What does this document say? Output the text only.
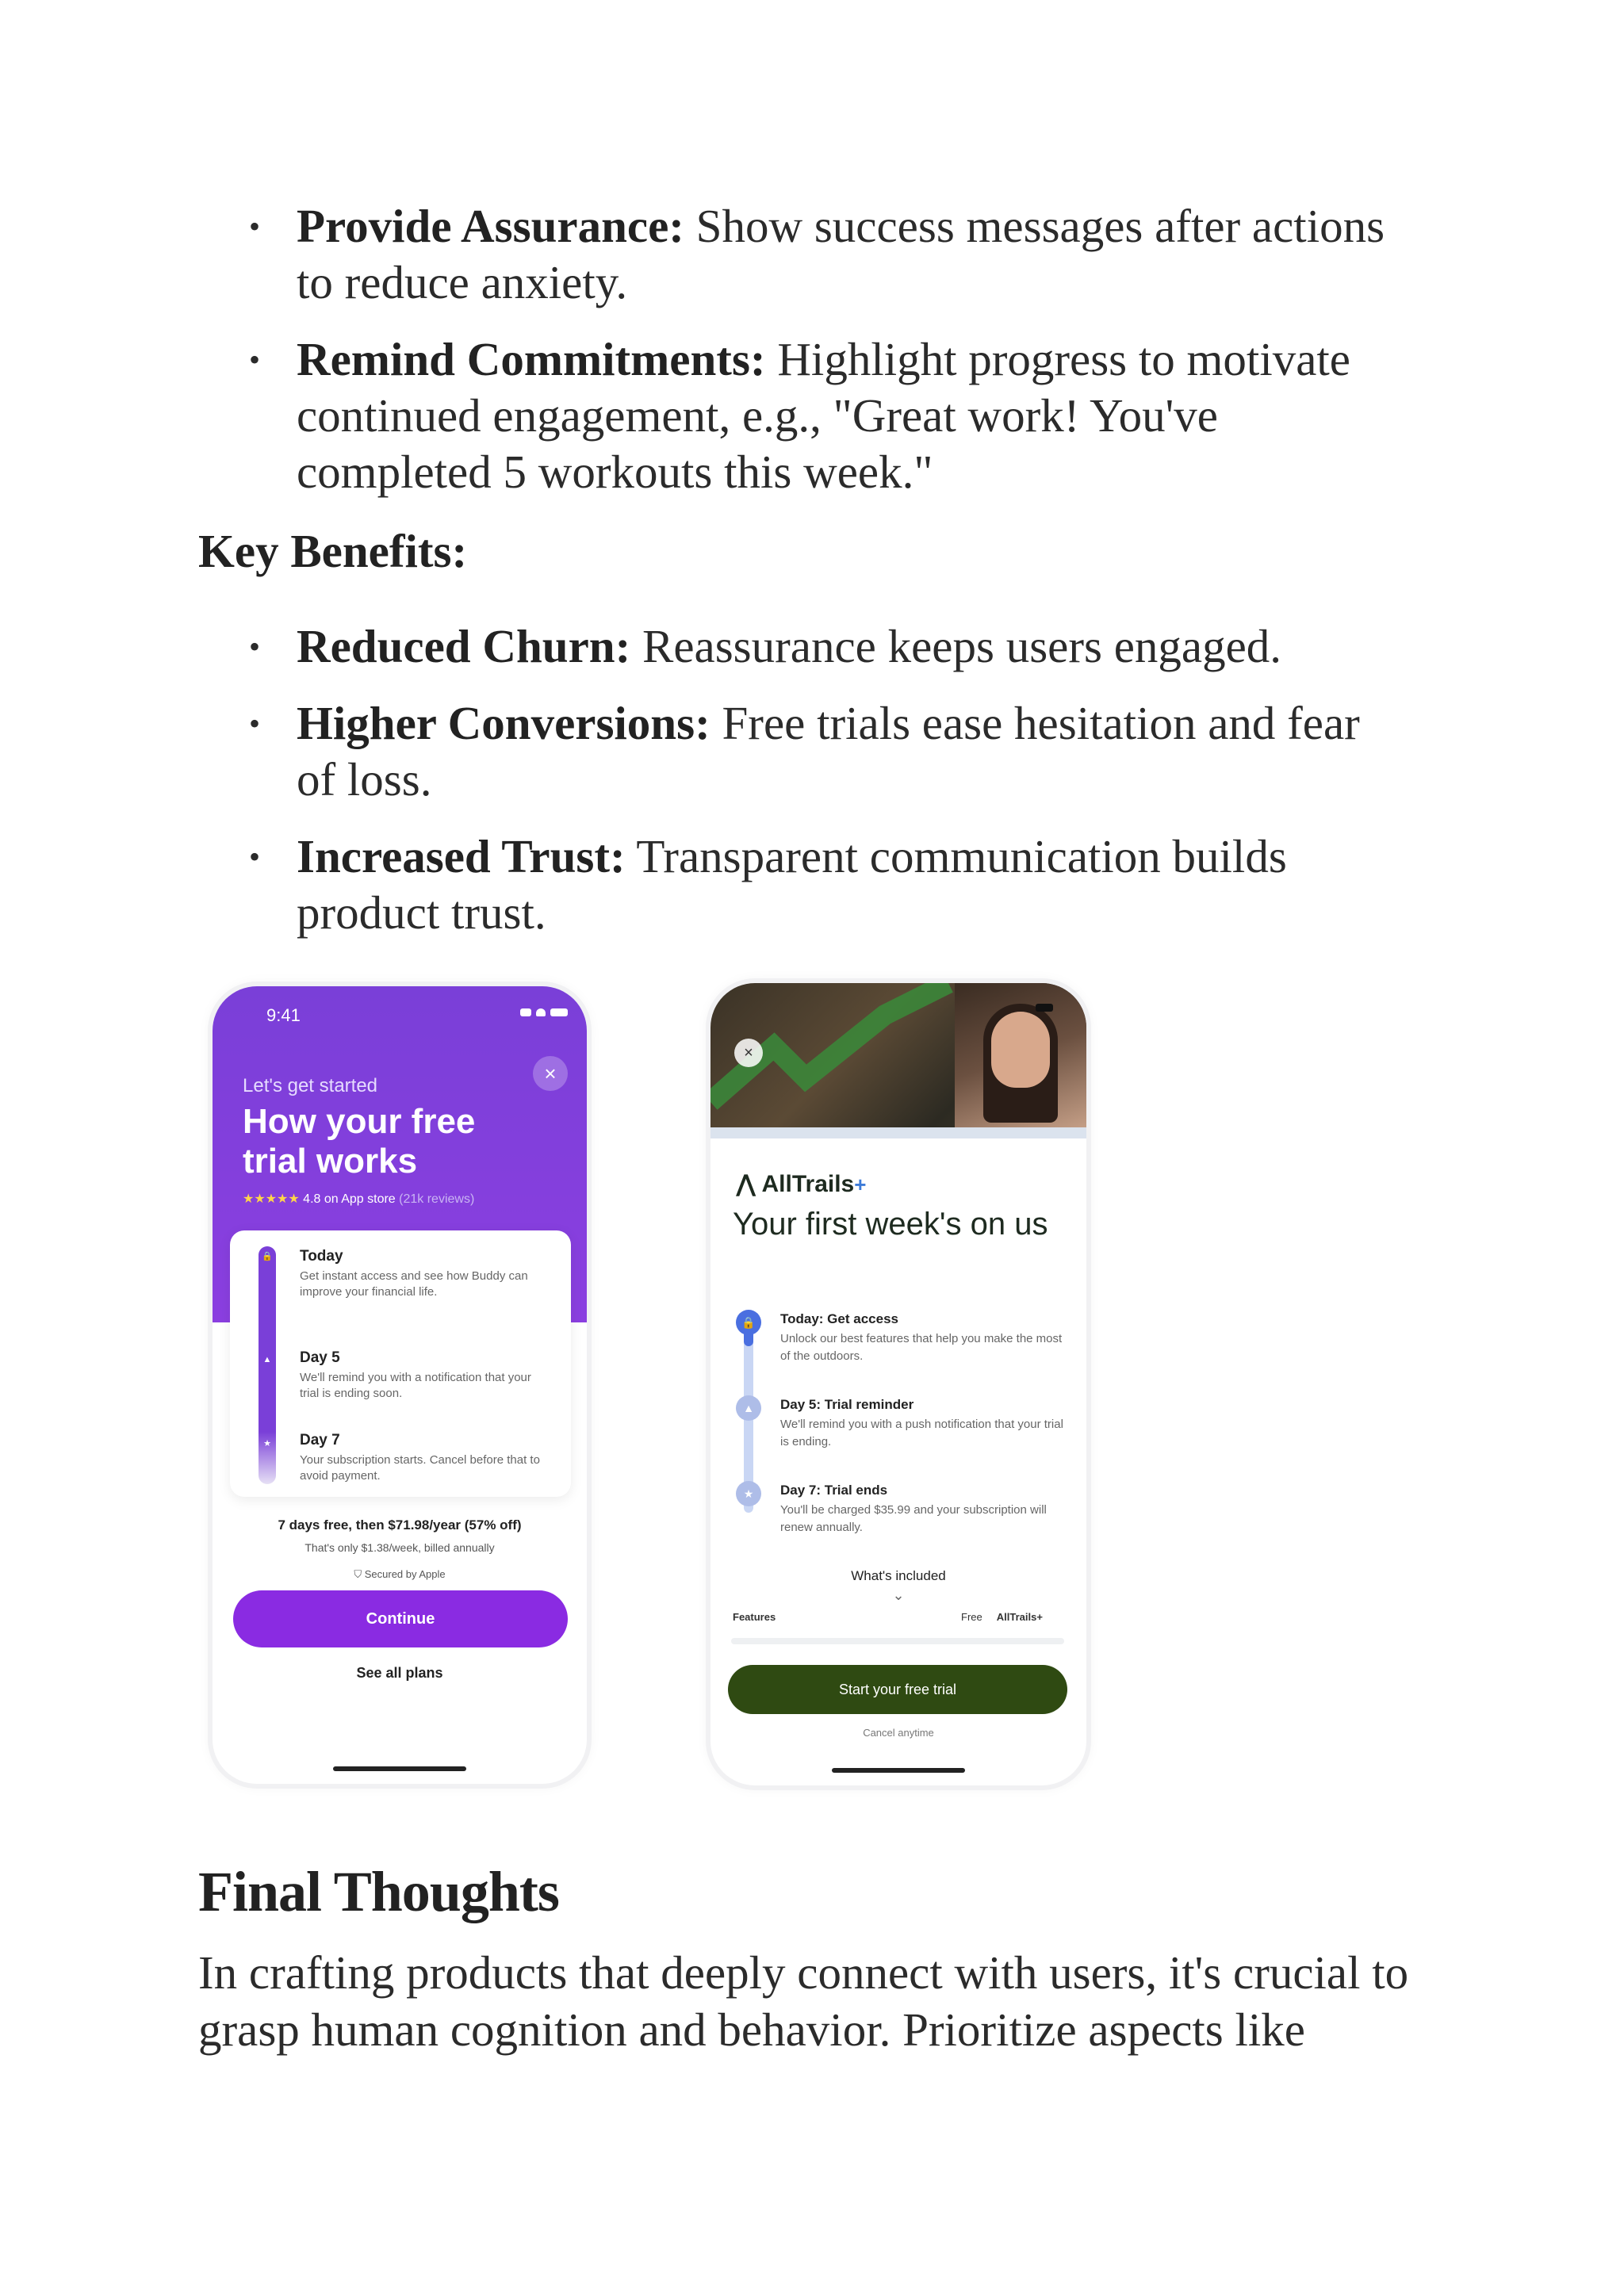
• Provide Assurance: Show success messages after actions
to reduce anxiety.
• Remind Commitments: Highlight progress to motivate
continued engagement, e.g., "Great work! You've
completed 5 workouts this week."
Key Benefits:
• Reduced Churn: Reassurance keeps users engaged.
• Higher Conversions: Free trials ease hesitation and fear
of loss.
• Increased Trust: Transparent communication builds
product trust.
Final Thoughts
In crafting products that deeply connect with users, it's crucial to
grasp human cognition and behavior. Prioritize aspects like
9:41
×
Let's get started
How your free trial works
★★★★★ 4.8 on App store (21k reviews)
🔒
▲
★
Today
Get instant access and see how Buddy can improve your financial life.
Day 5
We'll remind you with a notification that your trial is ending soon.
Day 7
Your subscription starts. Cancel before that to avoid payment.
7 days free, then $71.98/year (57% off)
That's only $1.38/week, billed annually
⛉ Secured by Apple
Continue
See all plans
×
⋀ AllTrails+
Your first week's on us
🔒
▲
★
Today: Get access
Unlock our best features that help you make the most of the outdoors.
Day 5: Trial reminder
We'll remind you with a push notification that your trial is ending.
Day 7: Trial ends
You'll be charged $35.99 and your subscription will renew annually.
What's included
⌄
Features	Free AllTrails+
Start your free trial
Cancel anytime
